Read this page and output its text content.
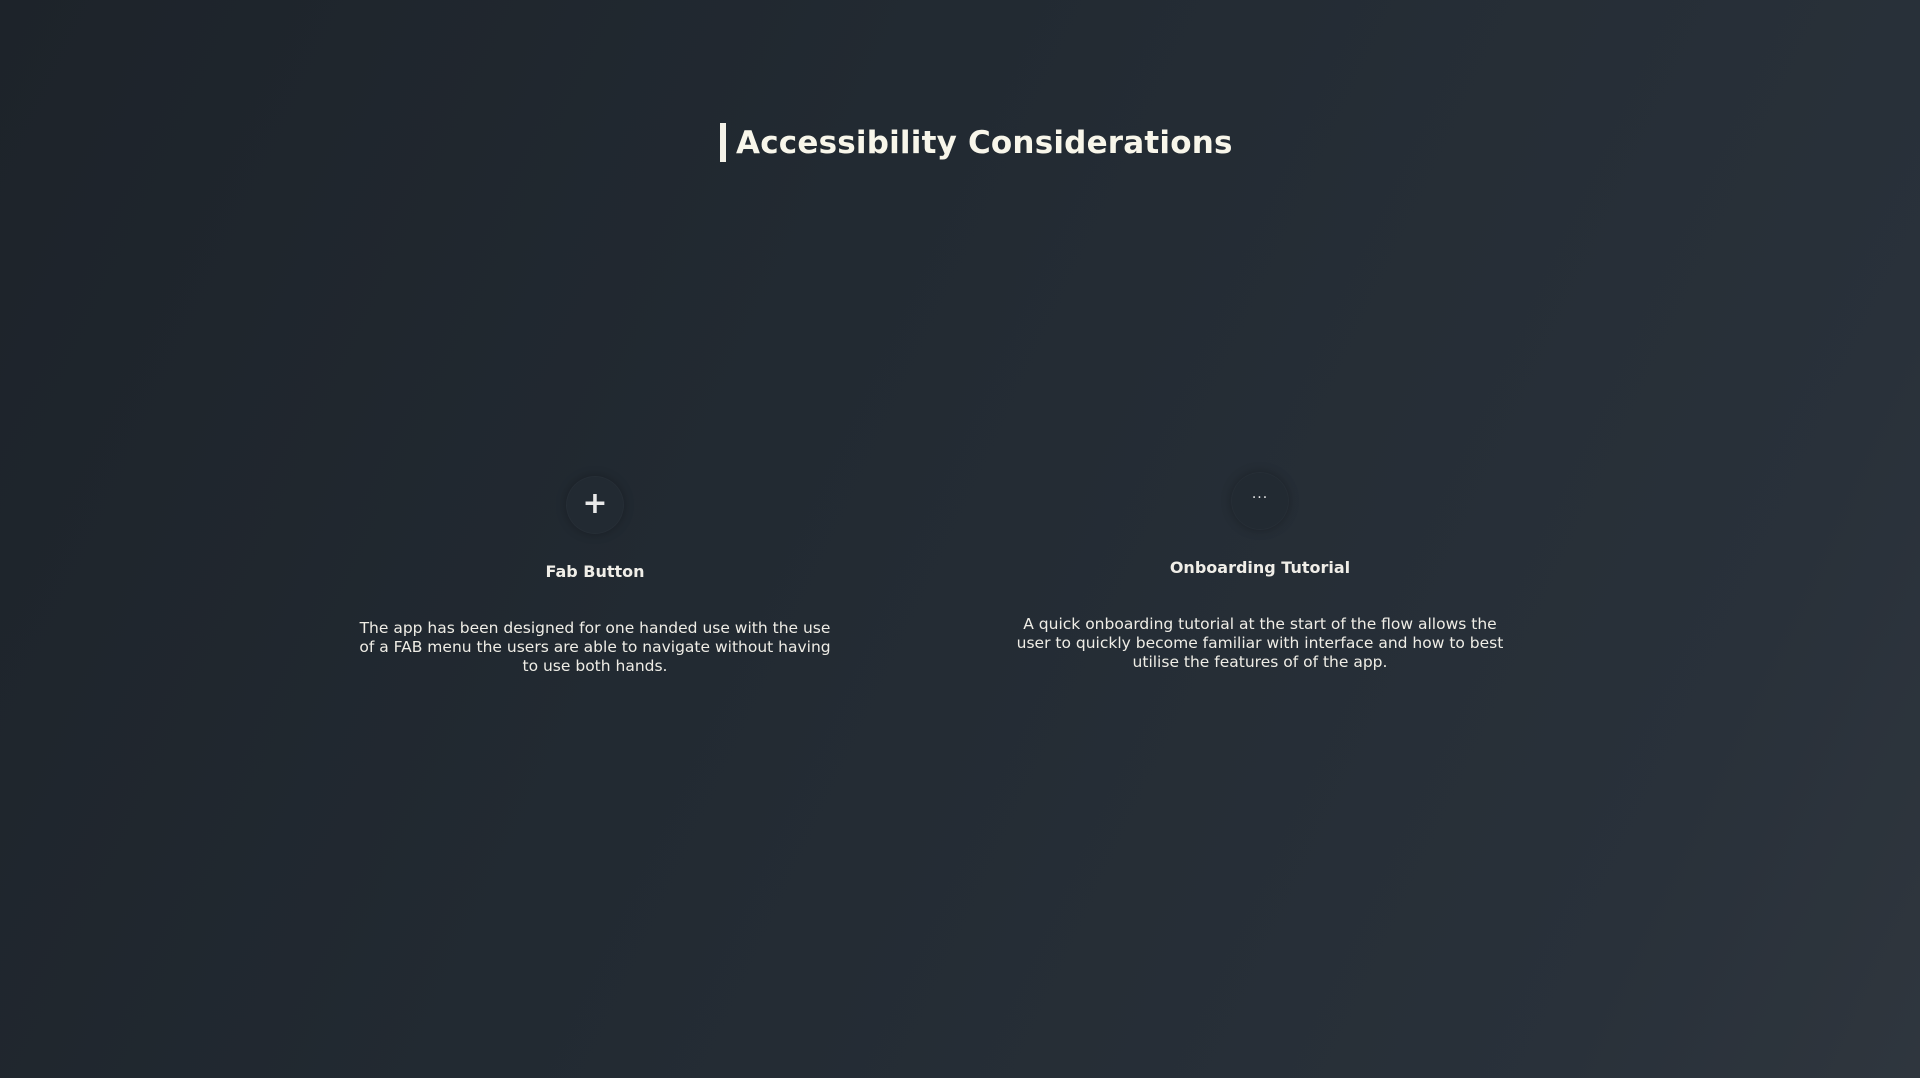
Accessibility Considerations
+
Fab Button
The app has been designed for one handed use with the use of a FAB menu the users are able to navigate without having to use both hands.
···
Onboarding Tutorial
A quick onboarding tutorial at the start of the flow allows the user to quickly become familiar with interface and how to best utilise the features of of the app.
